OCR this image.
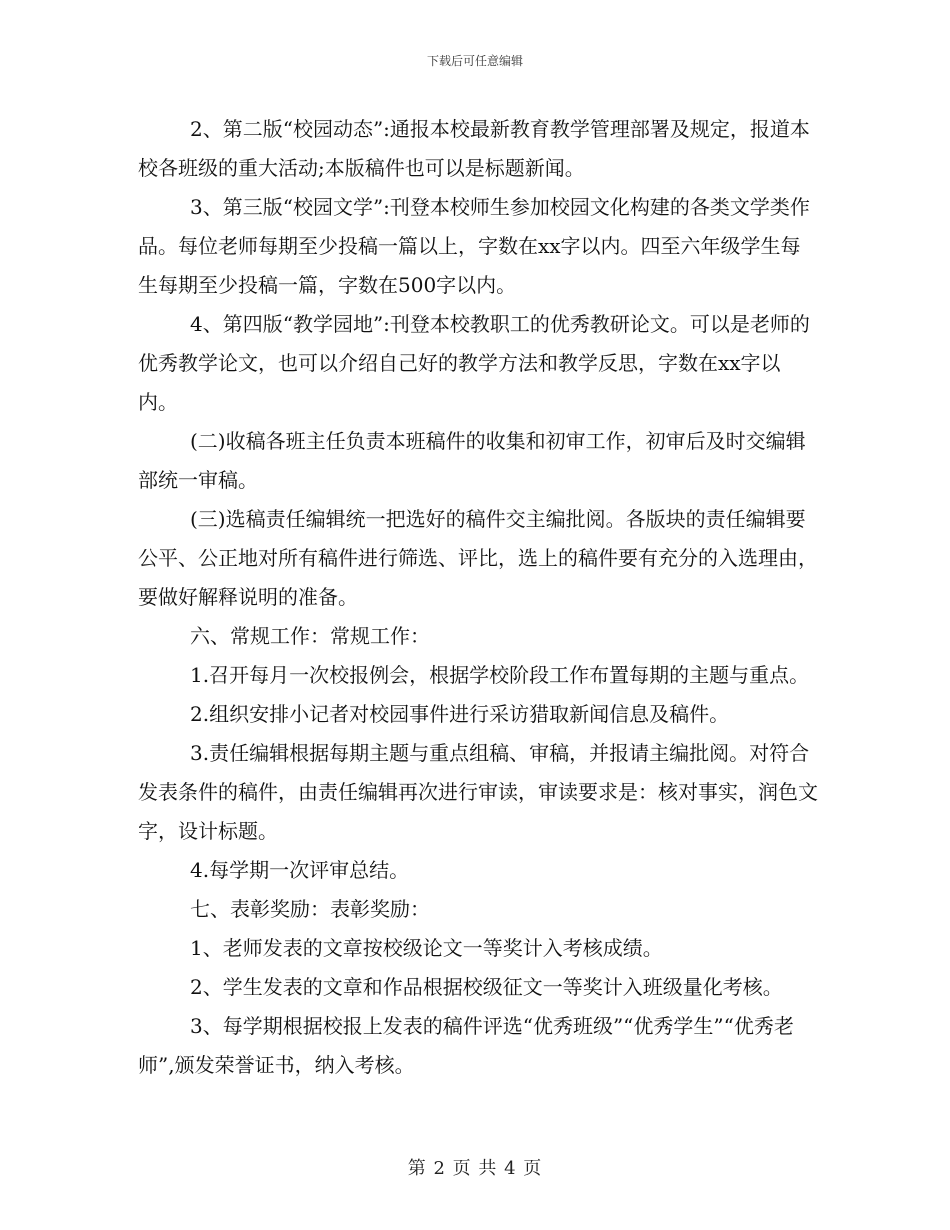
下载后可任意编辑

2、第二版“校园动态”:通报本校最新教育教学管理部署及规定，报道本校各班级的重大活动;本版稿件也可以是标题新闻。

3、第三版“校园文学”:刊登本校师生参加校园文化构建的各类文学类作品。每位老师每期至少投稿一篇以上，字数在xx字以内。四至六年级学生每生每期至少投稿一篇，字数在500字以内。

4、第四版“教学园地”:刊登本校教职工的优秀教研论文。可以是老师的优秀教学论文，也可以介绍自己好的教学方法和教学反思，字数在xx字以内。

(二)收稿各班主任负责本班稿件的收集和初审工作，初审后及时交编辑部统一审稿。

(三)选稿责任编辑统一把选好的稿件交主编批阅。各版块的责任编辑要公平、公正地对所有稿件进行筛选、评比，选上的稿件要有充分的入选理由，要做好解释说明的准备。

六、常规工作：常规工作：

1.召开每月一次校报例会，根据学校阶段工作布置每期的主题与重点。

2.组织安排小记者对校园事件进行采访猎取新闻信息及稿件。

3.责任编辑根据每期主题与重点组稿、审稿，并报请主编批阅。对符合发表条件的稿件，由责任编辑再次进行审读，审读要求是：核对事实，润色文字，设计标题。

4.每学期一次评审总结。

七、表彰奖励：表彰奖励：

1、老师发表的文章按校级论文一等奖计入考核成绩。

2、学生发表的文章和作品根据校级征文一等奖计入班级量化考核。

3、每学期根据校报上发表的稿件评选“优秀班级”“优秀学生”“优秀老师”,颁发荣誉证书，纳入考核。

第 2 页 共 4 页
